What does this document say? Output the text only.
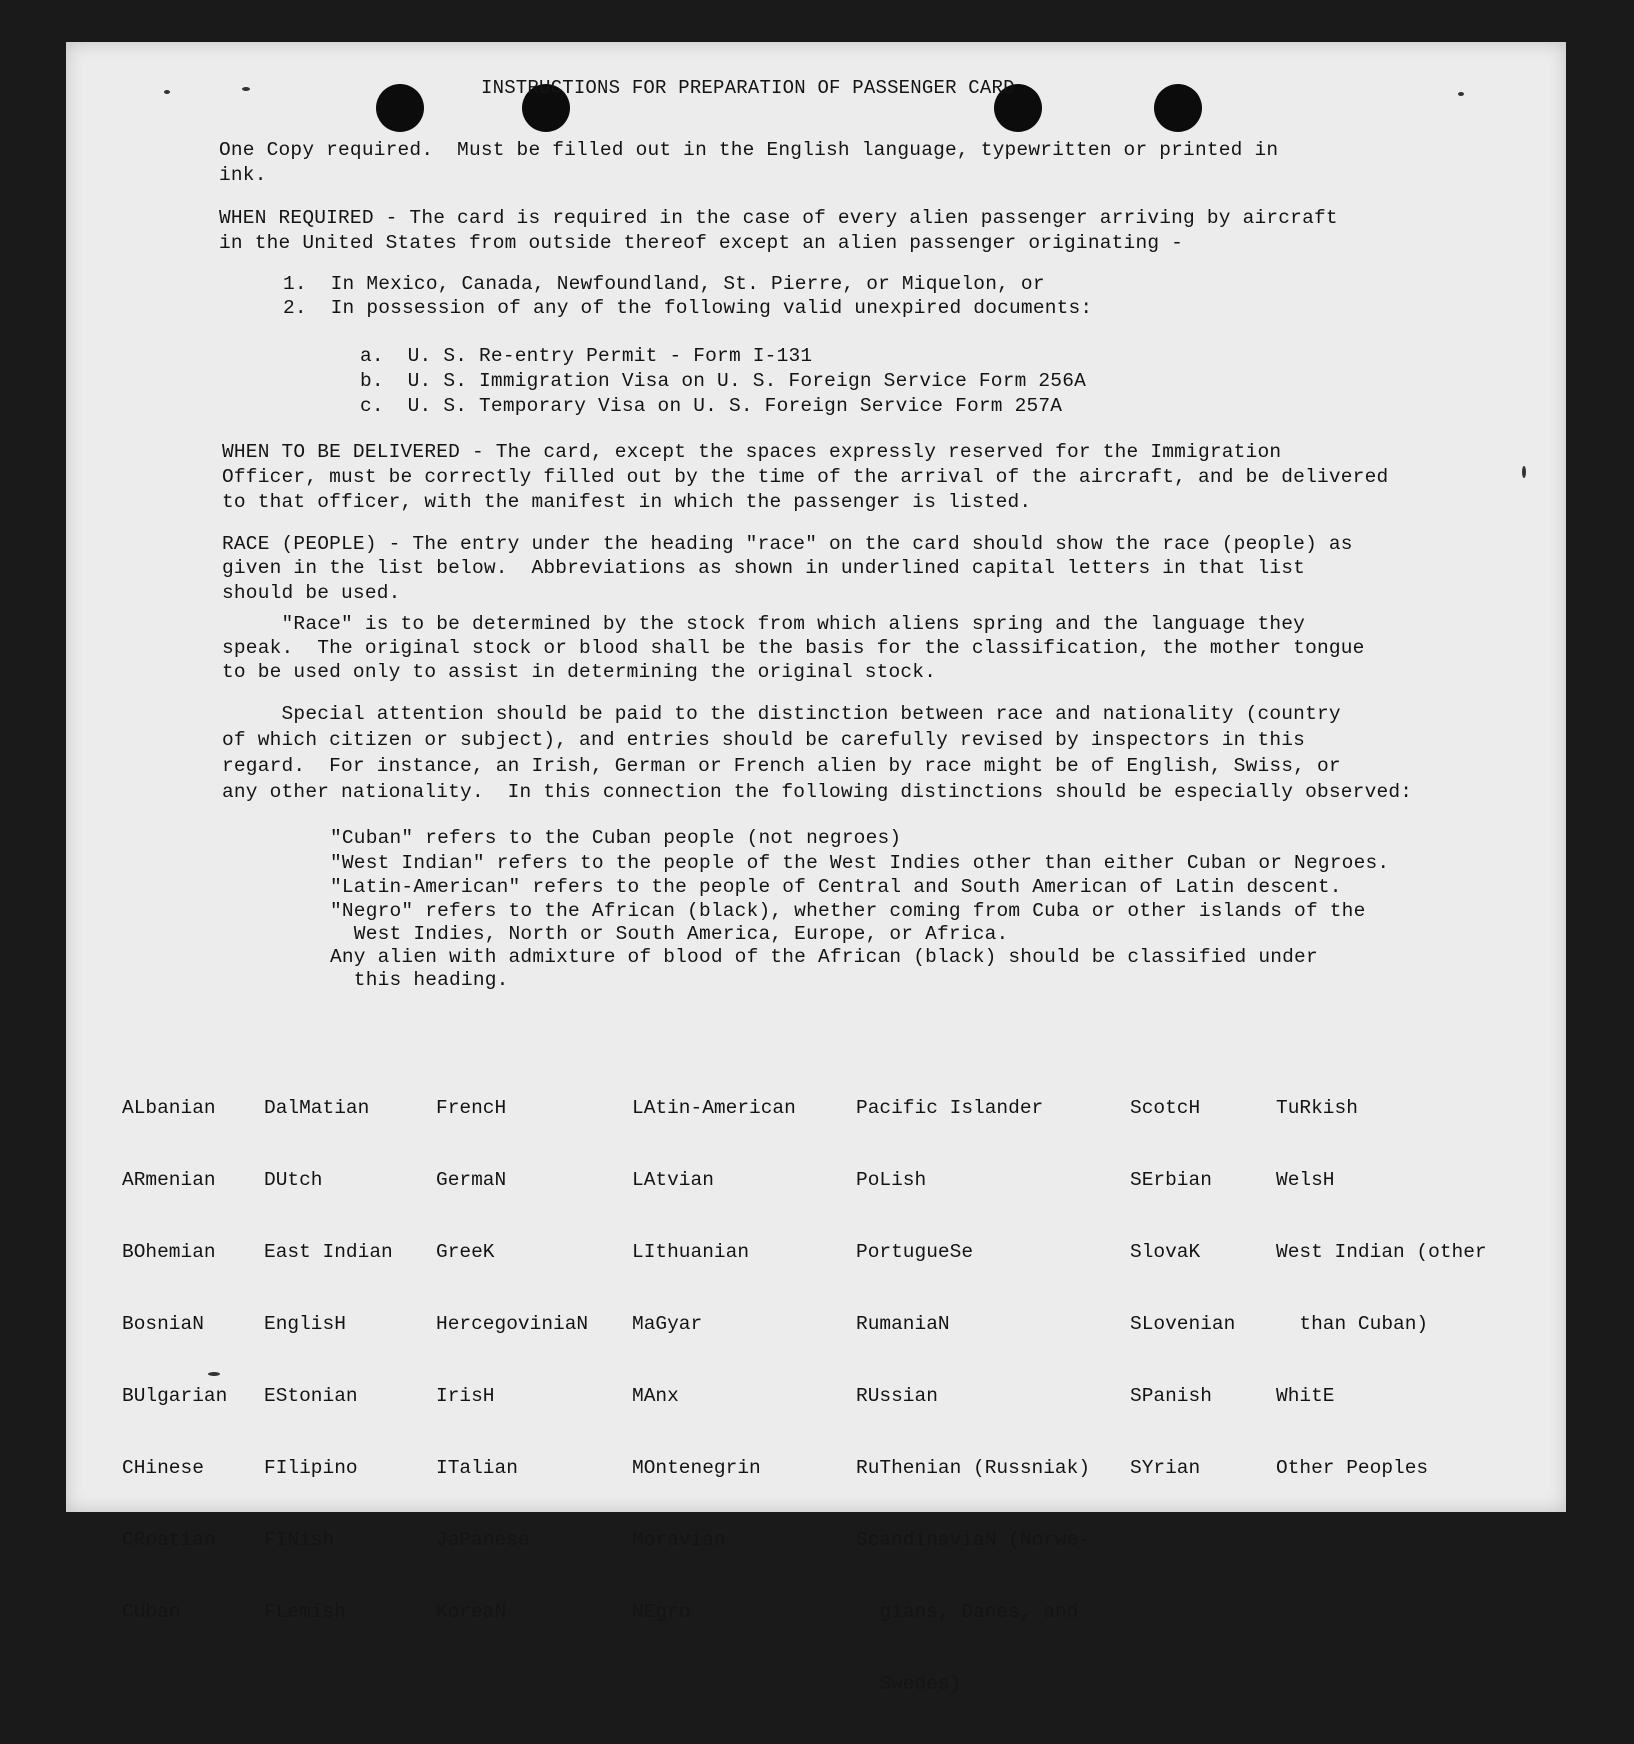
INSTRUCTIONS FOR PREPARATION OF PASSENGER CARD

One Copy required.  Must be filled out in the English language, typewritten or printed in

ink.

WHEN REQUIRED - The card is required in the case of every alien passenger arriving by aircraft

in the United States from outside thereof except an alien passenger originating -

1.  In Mexico, Canada, Newfoundland, St. Pierre, or Miquelon, or

2.  In possession of any of the following valid unexpired documents:

a.  U. S. Re-entry Permit - Form I-131

b.  U. S. Immigration Visa on U. S. Foreign Service Form 256A

c.  U. S. Temporary Visa on U. S. Foreign Service Form 257A

WHEN TO BE DELIVERED - The card, except the spaces expressly reserved for the Immigration

Officer, must be correctly filled out by the time of the arrival of the aircraft, and be delivered

to that officer, with the manifest in which the passenger is listed.

RACE (PEOPLE) - The entry under the heading "race" on the card should show the race (people) as

given in the list below.  Abbreviations as shown in underlined capital letters in that list

should be used.

"Race" is to be determined by the stock from which aliens spring and the language they

speak.  The original stock or blood shall be the basis for the classification, the mother tongue

to be used only to assist in determining the original stock.

Special attention should be paid to the distinction between race and nationality (country

of which citizen or subject), and entries should be carefully revised by inspectors in this

regard.  For instance, an Irish, German or French alien by race might be of English, Swiss, or

any other nationality.  In this connection the following distinctions should be especially observed:

"Cuban" refers to the Cuban people (not negroes)

"West Indian" refers to the people of the West Indies other than either Cuban or Negroes.

"Latin-American" refers to the people of Central and South American of Latin descent.

"Negro" refers to the African (black), whether coming from Cuba or other islands of the

West Indies, North or South America, Europe, or Africa.

Any alien with admixture of blood of the African (black) should be classified under

this heading.

ALbanian

ARmenian

BOhemian

BosniaN

BUlgarian

CHinese

CRoatian

CUban

DalMatian

DUtch

East Indian

EnglisH

EStonian

FIlipino

FINish

FLemish

FrencH

GermaN

GreeK

HercegoviniaN

IrisH

ITalian

JaPanese

KoreaN

LAtin-American

LAtvian

LIthuanian

MaGyar

MAnx

MOntenegrin

Moravian

NEgro

Pacific Islander

PoLish

PortugueSe

RumaniaN

RUssian

RuThenian (Russniak)

ScandinaviaN (Norwe-

gians, Danes, and

Swedes)

ScotcH

SErbian

SlovaK

SLovenian

SPanish

SYrian

TuRkish

WelsH

West Indian (other

than Cuban)

WhitE

Other Peoples
